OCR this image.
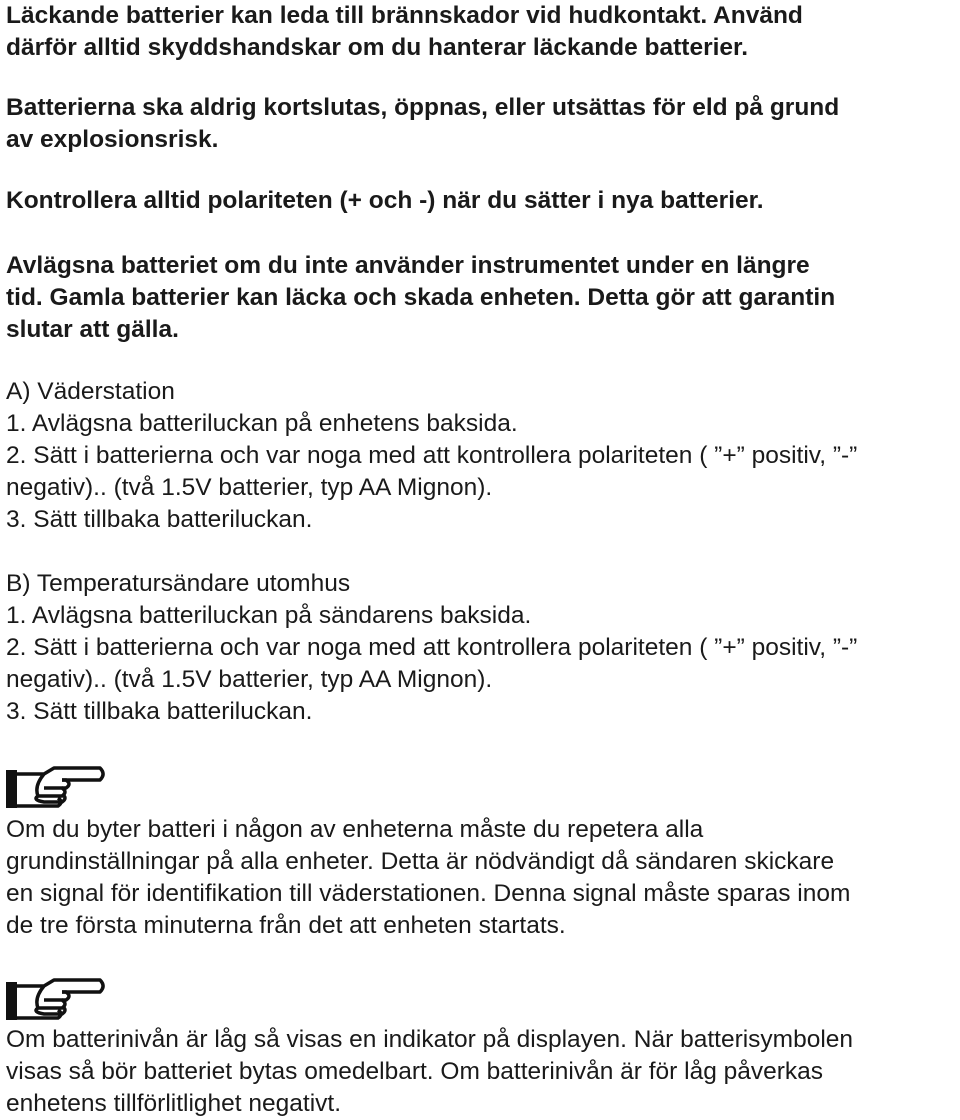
Läckande batterier kan leda till brännskador vid hudkontakt. Använd
därför alltid skyddshandskar om du hanterar läckande batterier.

Batterierna ska aldrig kortslutas, öppnas, eller utsättas för eld på grund
av explosionsrisk.

Kontrollera alltid polariteten (+ och -) när du sätter i nya batterier.

Avlägsna batteriet om du inte använder instrumentet under en längre
tid. Gamla batterier kan läcka och skada enheten. Detta gör att garantin
slutar att gälla.

A) Väderstation
1. Avlägsna batteriluckan på enhetens baksida.
2. Sätt i batterierna och var noga med att kontrollera polariteten ( ”+” positiv, ”-”
negativ).. (två 1.5V batterier, typ AA Mignon).
3. Sätt tillbaka batteriluckan.
B) Temperatursändare utomhus
1. Avlägsna batteriluckan på sändarens baksida.
2. Sätt i batterierna och var noga med att kontrollera polariteten ( ”+” positiv, ”-”
negativ).. (två 1.5V batterier, typ AA Mignon).
3. Sätt tillbaka batteriluckan.

Om du byter batteri i någon av enheterna måste du repetera alla
grundinställningar på alla enheter. Detta är nödvändigt då sändaren skickare
en signal för identifikation till väderstationen. Denna signal måste sparas inom
de tre första minuterna från det att enheten startats.

Om batterinivån är låg så visas en indikator på displayen. När batterisymbolen
visas så bör batteriet bytas omedelbart. Om batterinivån är för låg påverkas
enhetens tillförlitlighet negativt.
